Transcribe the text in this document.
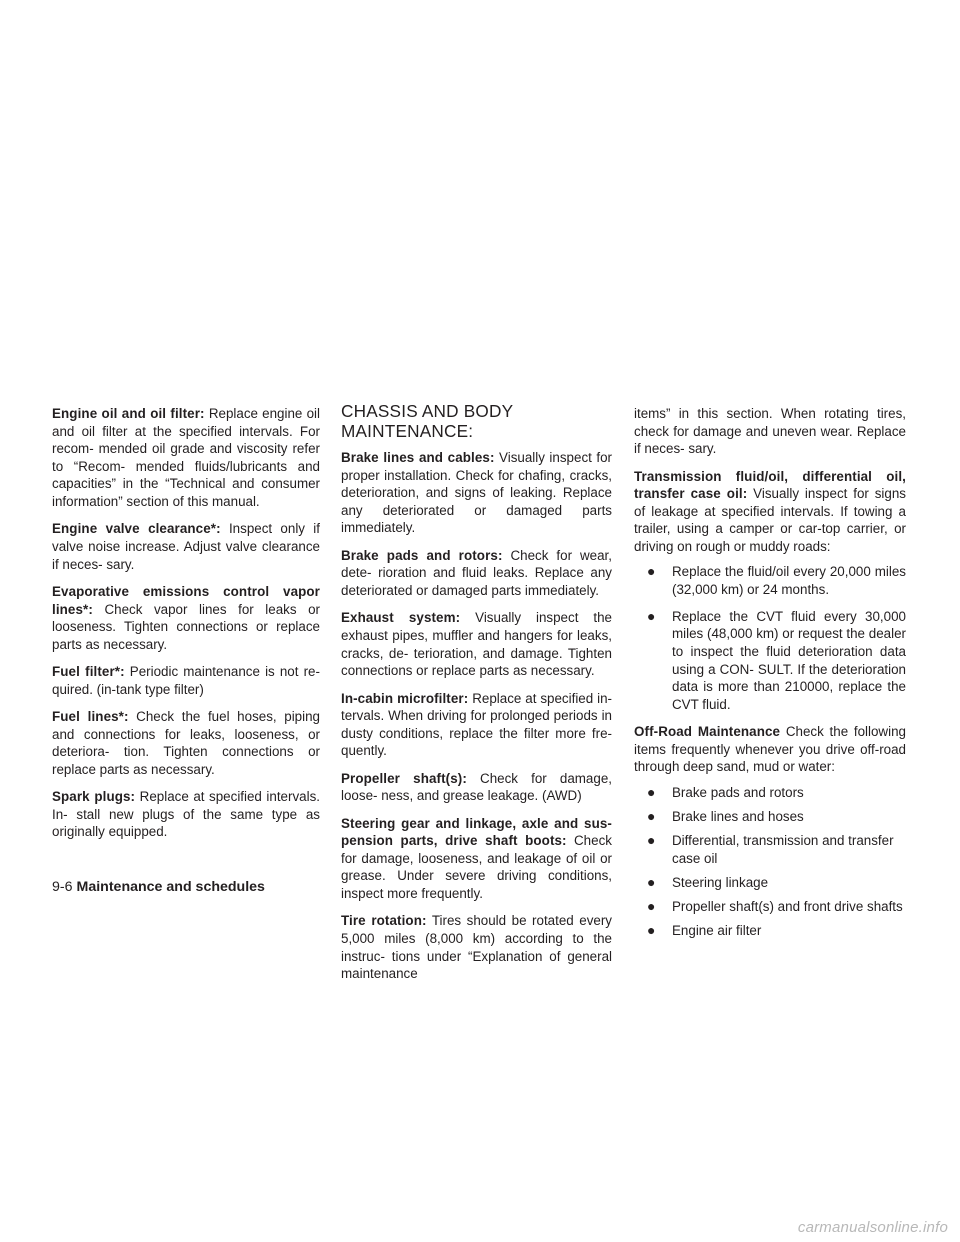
Engine oil and oil filter: Replace engine oil and oil filter at the specified intervals. For recom- mended oil grade and viscosity refer to “Recom- mended fluids/lubricants and capacities” in the “Technical and consumer information” section of this manual.

Engine valve clearance*: Inspect only if valve noise increase. Adjust valve clearance if neces- sary.

Evaporative emissions control vapor lines*: Check vapor lines for leaks or looseness. Tighten connections or replace parts as necessary.

Fuel filter*: Periodic maintenance is not re- quired. (in-tank type filter)

Fuel lines*: Check the fuel hoses, piping and connections for leaks, looseness, or deteriora- tion. Tighten connections or replace parts as necessary.

Spark plugs: Replace at specified intervals. In- stall new plugs of the same type as originally equipped.

CHASSIS AND BODY MAINTENANCE:

Brake lines and cables: Visually inspect for proper installation. Check for chafing, cracks, deterioration, and signs of leaking. Replace any deteriorated or damaged parts immediately.

Brake pads and rotors: Check for wear, dete- rioration and fluid leaks. Replace any deteriorated or damaged parts immediately.

Exhaust system: Visually inspect the exhaust pipes, muffler and hangers for leaks, cracks, de- terioration, and damage. Tighten connections or replace parts as necessary.

In-cabin microfilter: Replace at specified in- tervals. When driving for prolonged periods in dusty conditions, replace the filter more fre- quently.

Propeller shaft(s): Check for damage, loose- ness, and grease leakage. (AWD)

Steering gear and linkage, axle and sus- pension parts, drive shaft boots: Check for damage, looseness, and leakage of oil or grease. Under severe driving conditions, inspect more frequently.

Tire rotation: Tires should be rotated every 5,000 miles (8,000 km) according to the instruc- tions under “Explanation of general maintenance

items” in this section. When rotating tires, check for damage and uneven wear. Replace if neces- sary.

Transmission fluid/oil, differential oil, transfer case oil: Visually inspect for signs of leakage at specified intervals. If towing a trailer, using a camper or car-top carrier, or driving on rough or muddy roads:

● Replace the fluid/oil every 20,000 miles (32,000 km) or 24 months.
● Replace the CVT fluid every 30,000 miles (48,000 km) or request the dealer to inspect the fluid deterioration data using a CON- SULT. If the deterioration data is more than 210000, replace the CVT fluid.

Off-Road Maintenance Check the following items frequently whenever you drive off-road through deep sand, mud or water:

● Brake pads and rotors
● Brake lines and hoses
● Differential, transmission and transfer case oil
● Steering linkage
● Propeller shaft(s) and front drive shafts
● Engine air filter
9-6 Maintenance and schedules
carmanualsonline.info
